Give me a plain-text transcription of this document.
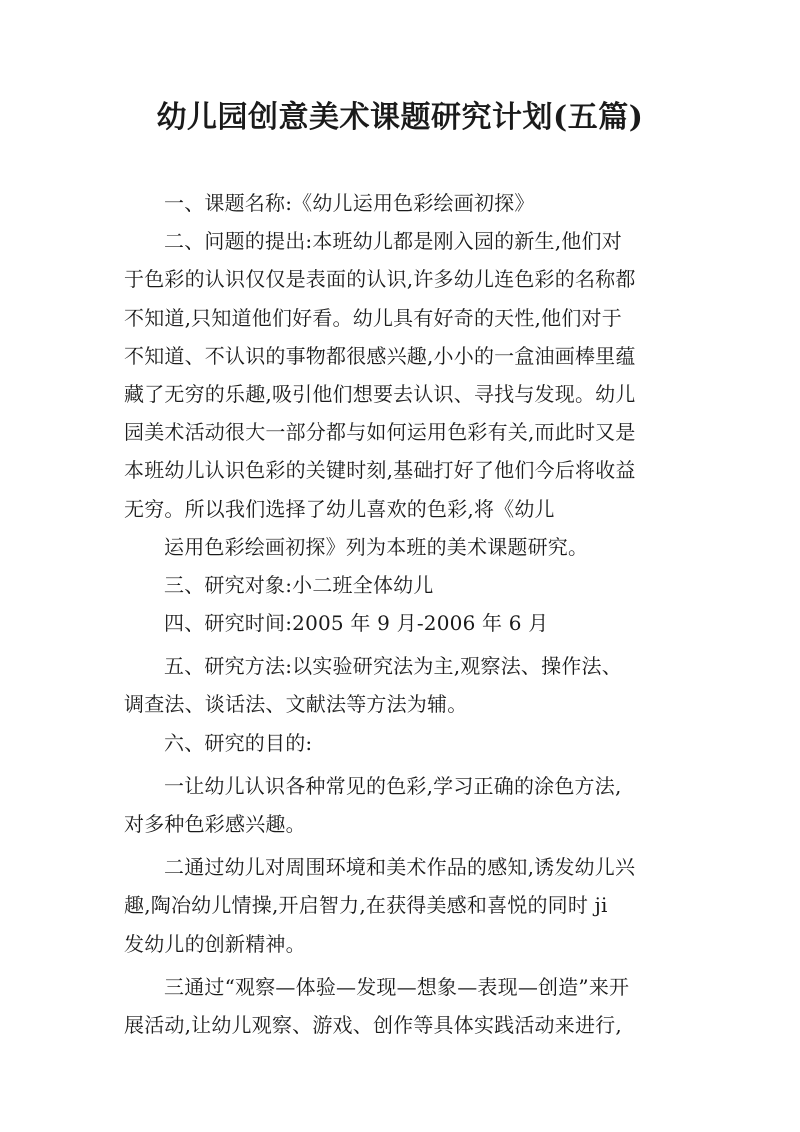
幼儿园创意美术课题研究计划(五篇)
一、课题名称:《幼儿运用色彩绘画初探》
二、问题的提出:本班幼儿都是刚入园的新生,他们对
于色彩的认识仅仅是表面的认识,许多幼儿连色彩的名称都
不知道,只知道他们好看。幼儿具有好奇的天性,他们对于
不知道、不认识的事物都很感兴趣,小小的一盒油画棒里蕴
藏了无穷的乐趣,吸引他们想要去认识、寻找与发现。幼儿
园美术活动很大一部分都与如何运用色彩有关,而此时又是
本班幼儿认识色彩的关键时刻,基础打好了他们今后将收益
无穷。所以我们选择了幼儿喜欢的色彩,将《幼儿
运用色彩绘画初探》列为本班的美术课题研究。
三、研究对象:小二班全体幼儿
四、研究时间:2005 年 9 月-2006 年 6 月
五、研究方法:以实验研究法为主,观察法、操作法、
调查法、谈话法、文献法等方法为辅。
六、研究的目的:
一让幼儿认识各种常见的色彩,学习正确的涂色方法,
对多种色彩感兴趣。
二通过幼儿对周围环境和美术作品的感知,诱发幼儿兴
趣,陶冶幼儿情操,开启智力,在获得美感和喜悦的同时 ji
发幼儿的创新精神。
三通过“观察—体验—发现—想象—表现—创造”来开
展活动,让幼儿观察、游戏、创作等具体实践活动来进行,
